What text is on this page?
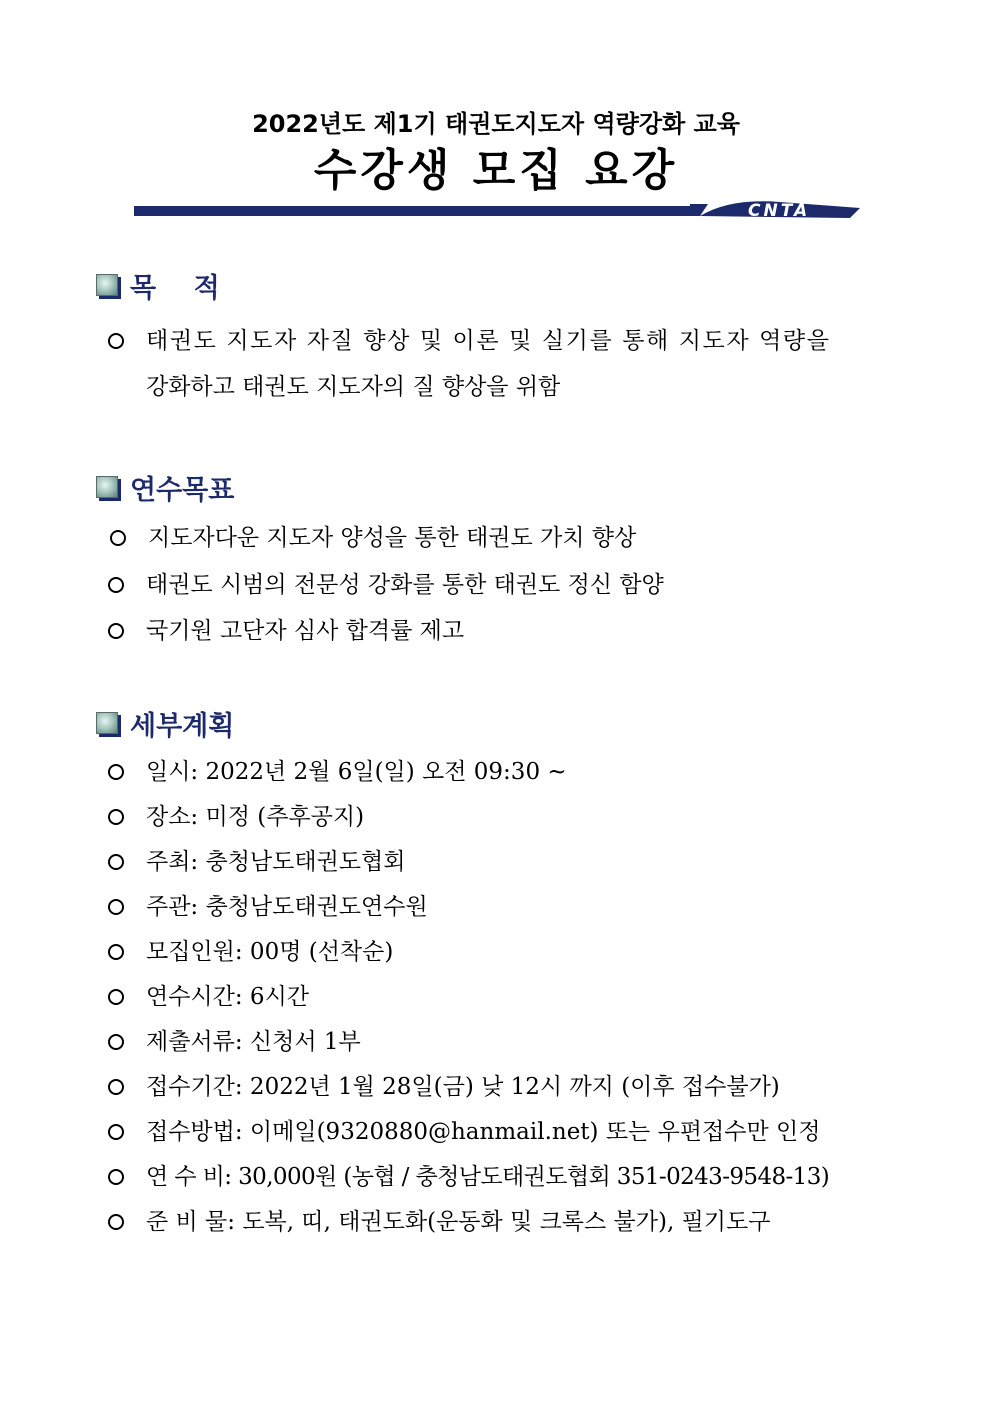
2022년도 제1기 태권도지도자 역량강화 교육
수강생 모집 요강
CNTA
목    적
태권도 지도자 자질 향상 및 이론 및 실기를 통해 지도자 역량을
강화하고 태권도 지도자의 질 향상을 위함
연수목표
지도자다운 지도자 양성을 통한 태권도 가치 향상
태권도 시범의 전문성 강화를 통한 태권도 정신 함양
국기원 고단자 심사 합격률 제고
세부계획
일시: 2022년 2월 6일(일) 오전 09:30 ~
장소: 미정 (추후공지)
주최: 충청남도태권도협회
주관: 충청남도태권도연수원
모집인원: 00명 (선착순)
연수시간: 6시간
제출서류: 신청서 1부
접수기간: 2022년 1월 28일(금) 낮 12시 까지 (이후 접수불가)
접수방법: 이메일(9320880@hanmail.net) 또는 우편접수만 인정
연 수 비: 30,000원 (농협 / 충청남도태권도협회 351-0243-9548-13)
준 비 물: 도복, 띠, 태권도화(운동화 및 크록스 불가), 필기도구
